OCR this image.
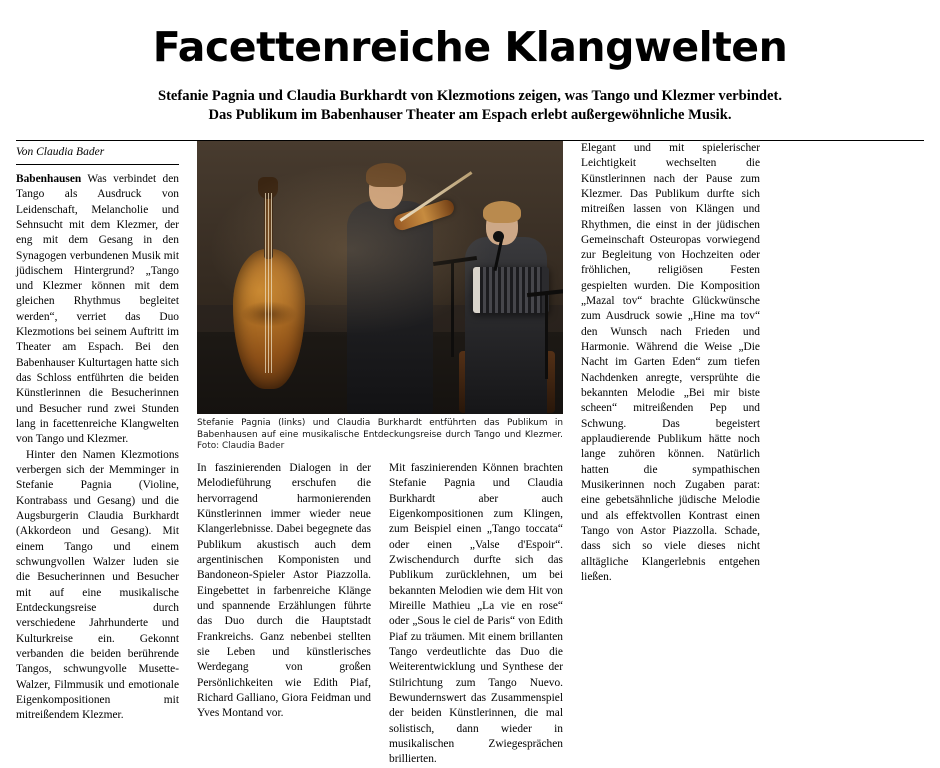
Facettenreiche Klangwelten
Stefanie Pagnia und Claudia Burkhardt von Klezmotions zeigen, was Tango und Klezmer verbindet.
Das Publikum im Babenhauser Theater am Espach erlebt außergewöhnliche Musik.
Von Claudia Bader

Babenhausen Was verbindet den Tango als Ausdruck von Leidenschaft, Melancholie und Sehnsucht mit dem Klezmer, der eng mit dem Gesang in den Synagogen verbundenen Musik mit jüdischem Hintergrund? „Tango und Klezmer können mit dem gleichen Rhythmus begleitet werden“, verriet das Duo Klezmotions bei seinem Auftritt im Theater am Espach. Bei den Babenhauser Kulturtagen hatte sich das Schloss entführten die beiden Künstlerinnen die Besucherinnen und Besucher rund zwei Stunden lang in facettenreiche Klangwelten von Tango und Klezmer.

Hinter den Namen Klezmotions verbergen sich der Memminger in Stefanie Pagnia (Violine, Kontrabass und Gesang) und die Augsburgerin Claudia Burkhardt (Akkordeon und Gesang). Mit einem Tango und einem schwungvollen Walzer luden sie die Besucherinnen und Besucher mit auf eine musikalische Entdeckungsreise durch verschiedene Jahrhunderte und Kulturkreise ein. Gekonnt verbanden die beiden berührende Tangos, schwungvolle Musette-Walzer, Filmmusik und emotionale Eigenkompositionen mit mitreißendem Klezmer.

Stefanie Pagnia (links) und Claudia Burkhardt entführten das Publikum in Babenhausen auf eine musikalische Entdeckungsreise durch Tango und Klezmer. Foto: Claudia Bader

In faszinierenden Dialogen in der Melodieführung erschufen die hervorragend harmonierenden Künstlerinnen immer wieder neue Klangerlebnisse. Dabei begegnete das Publikum akustisch auch dem argentinischen Komponisten und Bandoneon-Spieler Astor Piazzolla. Eingebettet in farbenreiche Klänge und spannende Erzählungen führte das Duo durch die Hauptstadt Frankreichs. Ganz nebenbei stellten sie Leben und künstlerisches Werdegang von großen Persönlichkeiten wie Edith Piaf, Richard Galliano, Giora Feidman und Yves Montand vor.

Mit faszinierenden Können brachten Stefanie Pagnia und Claudia Burkhardt aber auch Eigenkompositionen zum Klingen, zum Beispiel einen „Tango toccata“ oder einen „Valse d'Espoir“. Zwischendurch durfte sich das Publikum zurücklehnen, um bei bekannten Melodien wie dem Hit von Mireille Mathieu „La vie en rose“ oder „Sous le ciel de Paris“ von Edith Piaf zu träumen. Mit einem brillanten Tango verdeutlichte das Duo die Weiterentwicklung und Synthese der Stilrichtung zum Tango Nuevo. Bewundernswert das Zusammenspiel der beiden Künstlerinnen, die mal solistisch, dann wieder in musikalischen Zwiegesprächen brillierten.

Elegant und mit spielerischer Leichtigkeit wechselten die Künstlerinnen nach der Pause zum Klezmer. Das Publikum durfte sich mitreißen lassen von Klängen und Rhythmen, die einst in der jüdischen Gemeinschaft Osteuropas vorwiegend zur Begleitung von Hochzeiten oder fröhlichen, religiösen Festen gespielten wurden. Die Komposition „Mazal tov“ brachte Glückwünsche zum Ausdruck sowie „Hine ma tov“ den Wunsch nach Frieden und Harmonie. Während die Weise „Die Nacht im Garten Eden“ zum tiefen Nachdenken anregte, versprühte die bekannten Melodie „Bei mir biste scheen“ mitreißenden Pep und Schwung. Das begeistert applaudierende Publikum hätte noch lange zuhören können. Natürlich hatten die sympathischen Musikerinnen noch Zugaben parat: eine gebetsähnliche jüdische Melodie und als effektvollen Kontrast einen Tango von Astor Piazzolla. Schade, dass sich so viele dieses nicht alltägliche Klangerlebnis entgehen ließen.
